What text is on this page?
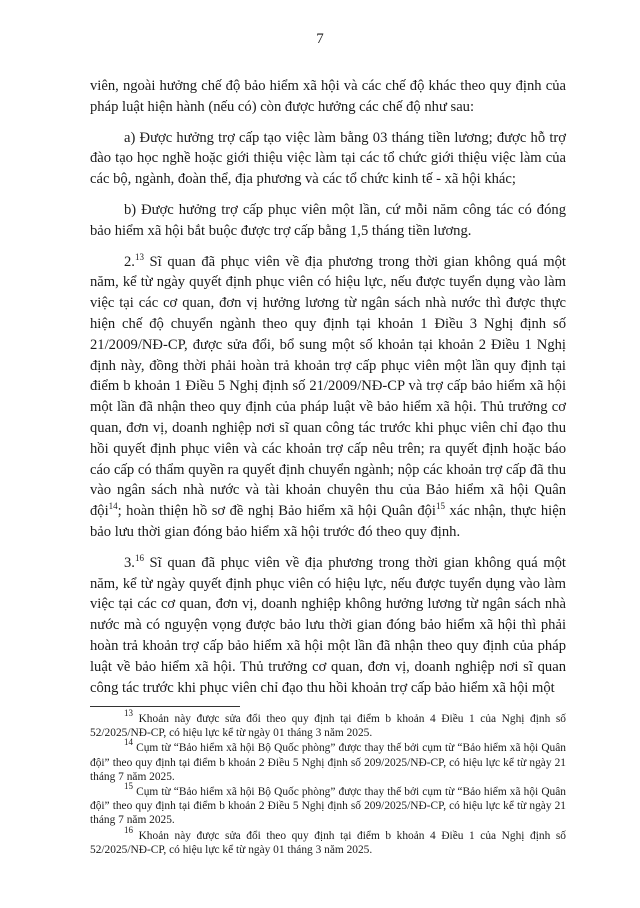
7

viên, ngoài hưởng chế độ bảo hiểm xã hội và các chế độ khác theo quy định của pháp luật hiện hành (nếu có) còn được hưởng các chế độ như sau:

a) Được hưởng trợ cấp tạo việc làm bằng 03 tháng tiền lương; được hỗ trợ đào tạo học nghề hoặc giới thiệu việc làm tại các tổ chức giới thiệu việc làm của các bộ, ngành, đoàn thể, địa phương và các tổ chức kinh tế - xã hội khác;

b) Được hưởng trợ cấp phục viên một lần, cứ mỗi năm công tác có đóng bảo hiểm xã hội bắt buộc được trợ cấp bằng 1,5 tháng tiền lương.

2.13 Sĩ quan đã phục viên về địa phương trong thời gian không quá một năm, kể từ ngày quyết định phục viên có hiệu lực, nếu được tuyển dụng vào làm việc tại các cơ quan, đơn vị hưởng lương từ ngân sách nhà nước thì được thực hiện chế độ chuyển ngành theo quy định tại khoản 1 Điều 3 Nghị định số 21/2009/NĐ-CP, được sửa đổi, bổ sung một số khoản tại khoản 2 Điều 1 Nghị định này, đồng thời phải hoàn trả khoản trợ cấp phục viên một lần quy định tại điểm b khoản 1 Điều 5 Nghị định số 21/2009/NĐ-CP và trợ cấp bảo hiểm xã hội một lần đã nhận theo quy định của pháp luật về bảo hiểm xã hội. Thủ trưởng cơ quan, đơn vị, doanh nghiệp nơi sĩ quan công tác trước khi phục viên chỉ đạo thu hồi quyết định phục viên và các khoản trợ cấp nêu trên; ra quyết định hoặc báo cáo cấp có thẩm quyền ra quyết định chuyển ngành; nộp các khoản trợ cấp đã thu vào ngân sách nhà nước và tài khoản chuyên thu của Bảo hiểm xã hội Quân đội$^{14}$; hoàn thiện hồ sơ đề nghị Bảo hiểm xã hội Quân đội$^{15}$ xác nhận, thực hiện bảo lưu thời gian đóng bảo hiểm xã hội trước đó theo quy định.

3.16 Sĩ quan đã phục viên về địa phương trong thời gian không quá một năm, kể từ ngày quyết định phục viên có hiệu lực, nếu được tuyển dụng vào làm việc tại các cơ quan, đơn vị, doanh nghiệp không hưởng lương từ ngân sách nhà nước mà có nguyện vọng được bảo lưu thời gian đóng bảo hiểm xã hội thì phải hoàn trả khoản trợ cấp bảo hiểm xã hội một lần đã nhận theo quy định của pháp luật về bảo hiểm xã hội. Thủ trưởng cơ quan, đơn vị, doanh nghiệp nơi sĩ quan công tác trước khi phục viên chỉ đạo thu hồi khoản trợ cấp bảo hiểm xã hội một

$^{13}$ Khoản này được sửa đổi theo quy định tại điểm b khoản 4 Điều 1 của Nghị định số 52/2025/NĐ-CP, có hiệu lực kể từ ngày 01 tháng 3 năm 2025.

$^{14}$ Cụm từ “Bảo hiểm xã hội Bộ Quốc phòng” được thay thế bởi cụm từ “Bảo hiểm xã hội Quân đội” theo quy định tại điểm b khoản 2 Điều 5 Nghị định số 209/2025/NĐ-CP, có hiệu lực kể từ ngày 21 tháng 7 năm 2025.

$^{15}$ Cụm từ “Bảo hiểm xã hội Bộ Quốc phòng” được thay thế bởi cụm từ “Bảo hiểm xã hội Quân đội” theo quy định tại điểm b khoản 2 Điều 5 Nghị định số 209/2025/NĐ-CP, có hiệu lực kể từ ngày 21 tháng 7 năm 2025.

$^{16}$ Khoản này được sửa đổi theo quy định tại điểm b khoản 4 Điều 1 của Nghị định số 52/2025/NĐ-CP, có hiệu lực kể từ ngày 01 tháng 3 năm 2025.
